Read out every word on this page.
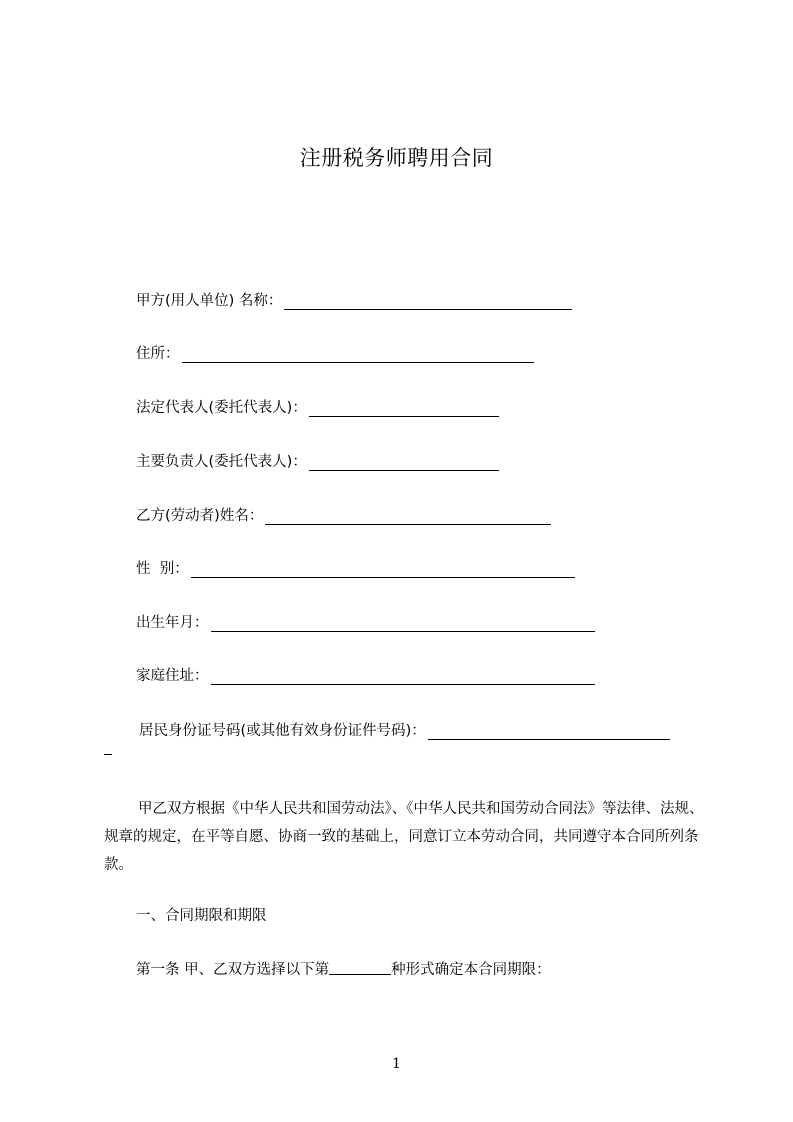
注册税务师聘用合同
甲方(用人单位) 名称：
住所：
法定代表人(委托代表人)：
主要负责人(委托代表人)：
乙方(劳动者)姓名：
性  别：
出生年月：
家庭住址：
居民身份证号码(或其他有效身份证件号码)：
甲乙双方根据《中华人民共和国劳动法》、《中华人民共和国劳动合同法》等法律、法规、规章的规定，在平等自愿、协商一致的基础上，同意订立本劳动合同，共同遵守本合同所列条款。
一、合同期限和期限
第一条 甲、乙双方选择以下第	种形式确定本合同期限：
1
